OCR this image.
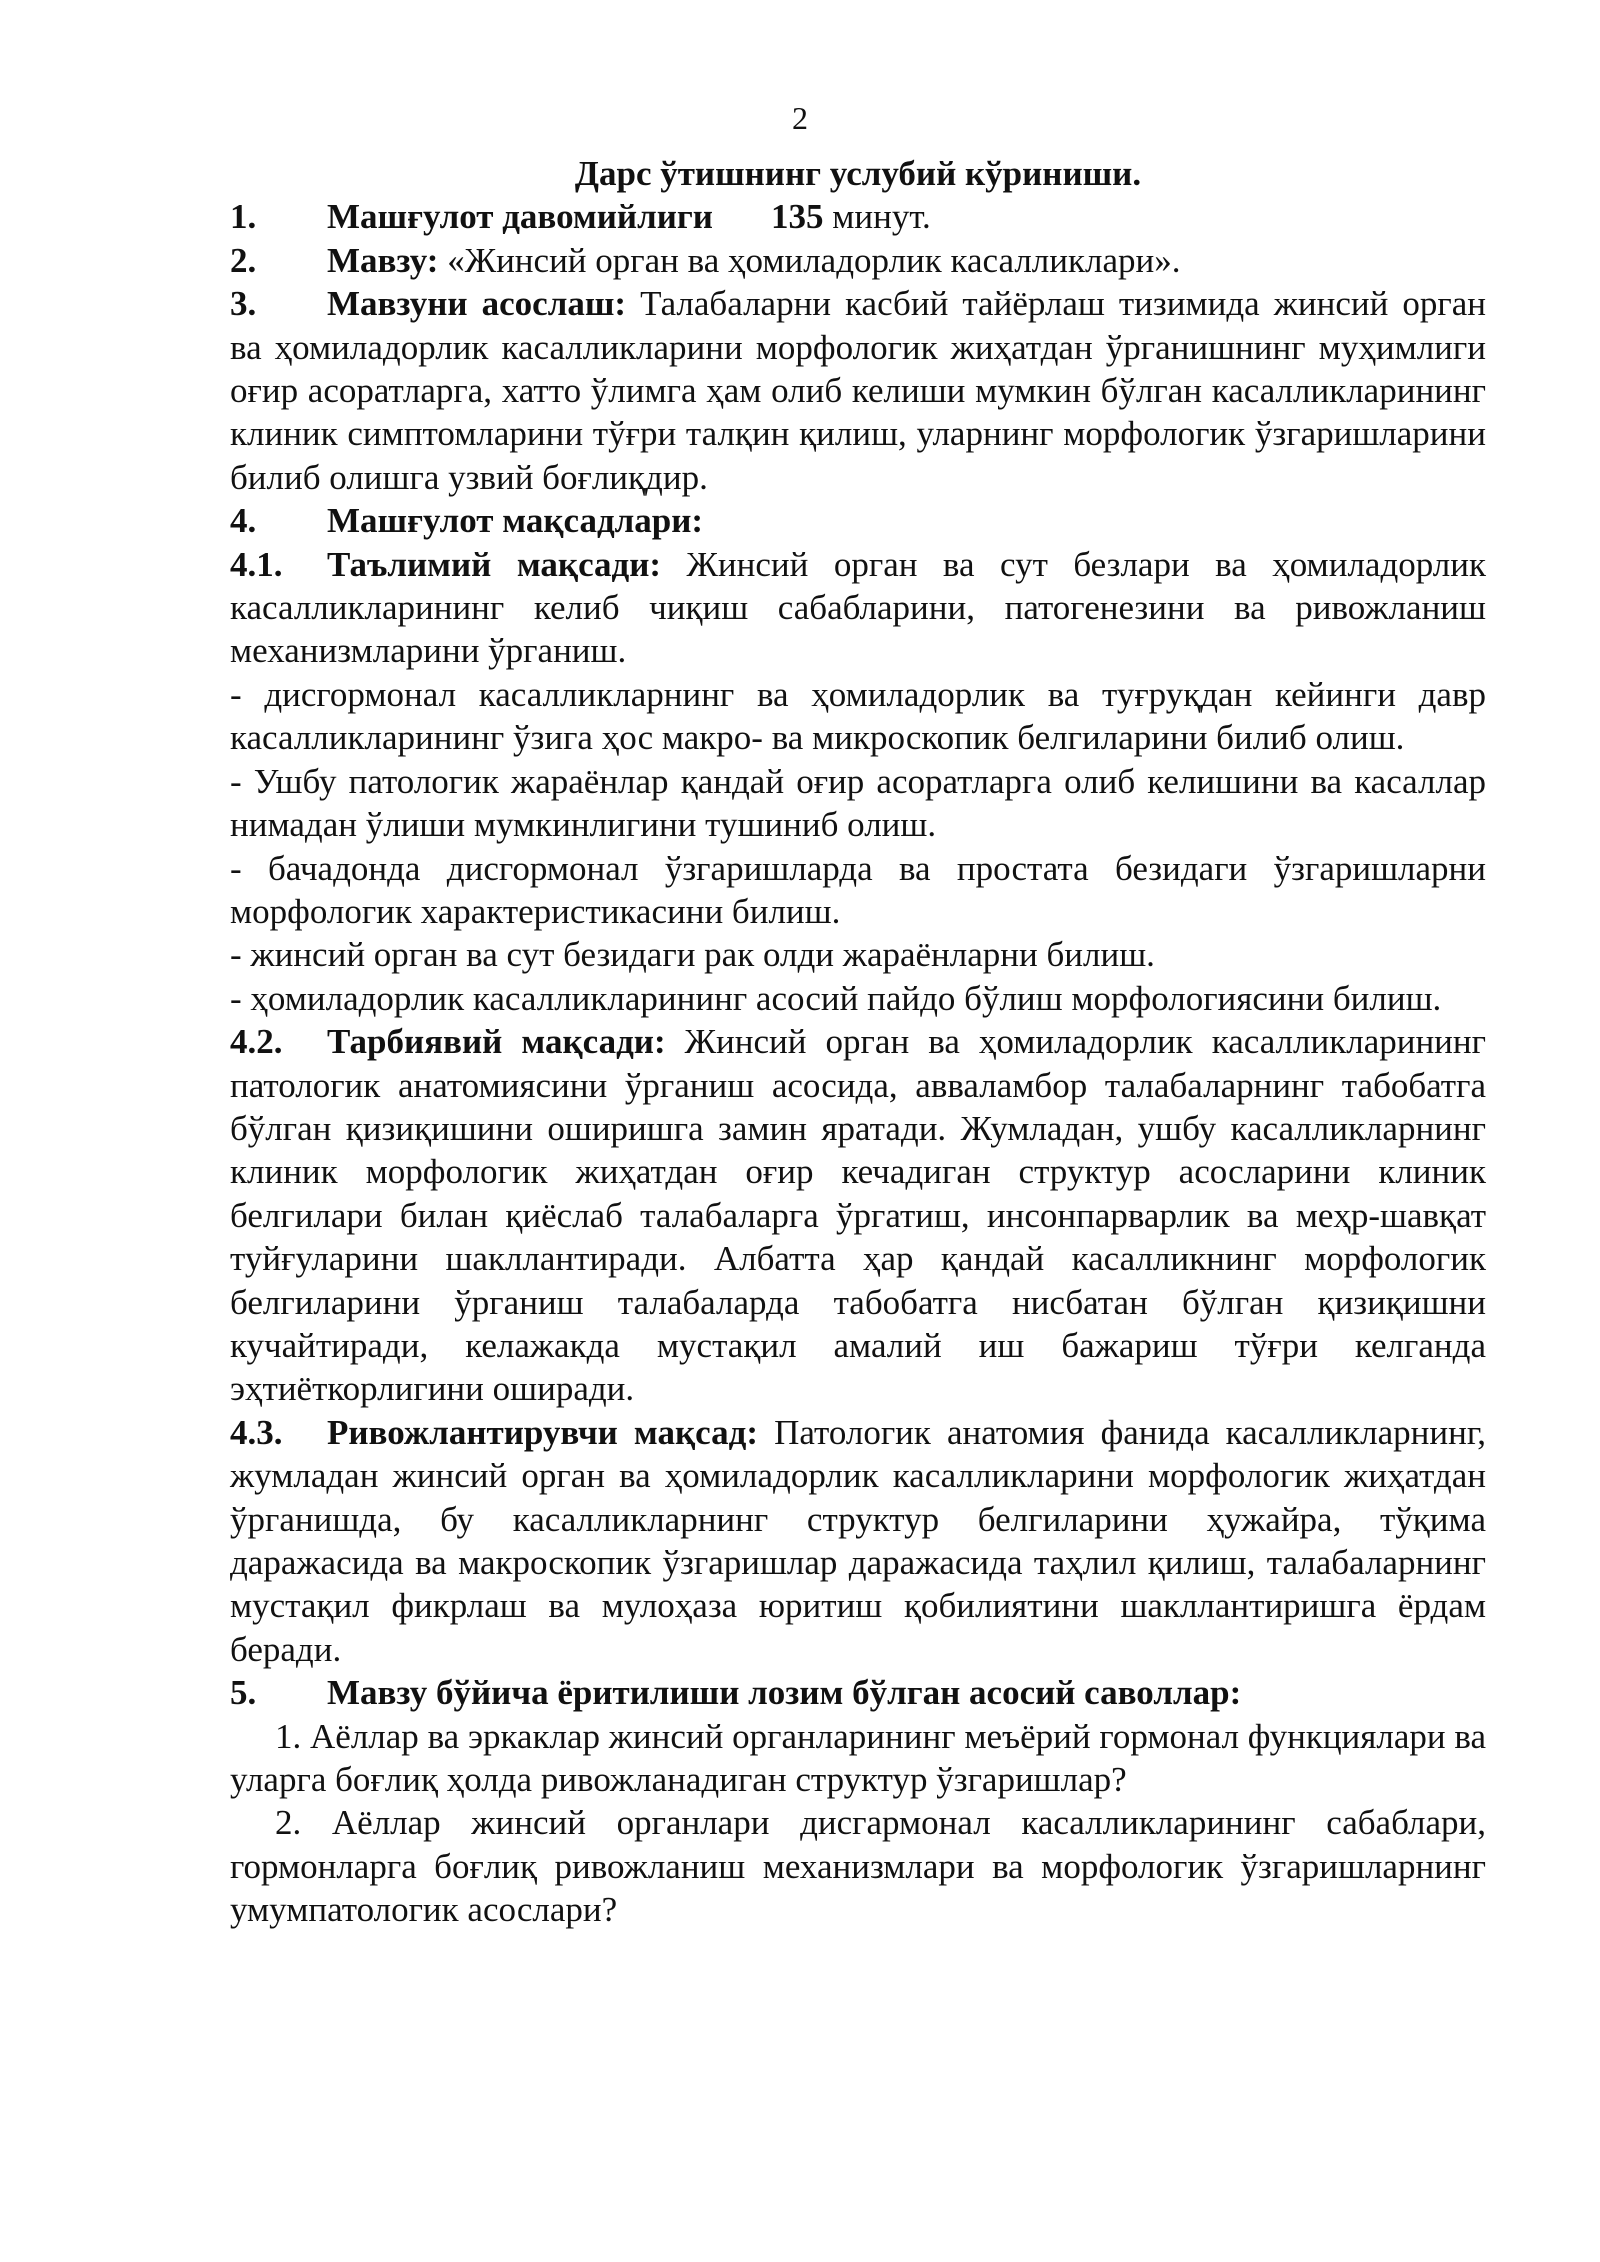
2

Дарс ўтишнинг услубий кўриниши.

1. Машғулот давомийлиги 135 минут.

2. Мавзу: «Жинсий орган ва ҳомиладорлик касалликлари».

3. Мавзуни асослаш: Талабаларни касбий тайёрлаш тизимида жинсий орган ва ҳомиладорлик касалликларини морфологик жиҳатдан ўрганишнинг муҳимлиги оғир асоратларга, хатто ўлимга ҳам олиб келиши мумкин бўлган касалликларининг клиник симптомларини тўғри талқин қилиш, уларнинг морфологик ўзгаришларини билиб олишга узвий боғлиқдир.

4. Машғулот мақсадлари:

4.1. Таълимий мақсади: Жинсий орган ва сут безлари ва ҳомиладорлик касалликларининг келиб чиқиш сабабларини, патогенезини ва ривожланиш механизмларини ўрганиш.

- дисгормонал касалликларнинг ва ҳомиладорлик ва туғруқдан кейинги давр касалликларининг ўзига ҳос макро- ва микроскопик белгиларини билиб олиш.

- Ушбу патологик жараёнлар қандай оғир асоратларга олиб келишини ва касаллар нимадан ўлиши мумкинлигини тушиниб олиш.

- бачадонда дисгормонал ўзгаришларда ва простата безидаги ўзгаришларни морфологик характеристикасини билиш.

- жинсий орган ва сут безидаги рак олди жараёнларни билиш.

- ҳомиладорлик касалликларининг асосий пайдо бўлиш морфологиясини билиш.

4.2. Тарбиявий мақсади: Жинсий орган ва ҳомиладорлик касалликларининг патологик анатомиясини ўрганиш асосида, авваламбор талабаларнинг табобатга бўлган қизиқишини оширишга замин яратади. Жумладан, ушбу касалликларнинг клиник морфологик жиҳатдан оғир кечадиган структур асосларини клиник белгилари билан қиёслаб талабаларга ўргатиш, инсонпарварлик ва меҳр-шавқат туйғуларини шакллантиради. Албатта ҳар қандай касалликнинг морфологик белгиларини ўрганиш талабаларда табобатга нисбатан бўлган қизиқишни кучайтиради, келажакда мустақил амалий иш бажариш тўғри келганда эҳтиёткорлигини оширади.

4.3. Ривожлантирувчи мақсад: Патологик анатомия фанида касалликларнинг, жумладан жинсий орган ва ҳомиладорлик касалликларини морфологик жиҳатдан ўрганишда, бу касалликларнинг структур белгиларини ҳужайра, тўқима даражасида ва макроскопик ўзгаришлар даражасида таҳлил қилиш, талабаларнинг мустақил фикрлаш ва мулоҳаза юритиш қобилиятини шакллантиришга ёрдам беради.

5. Мавзу бўйича ёритилиши лозим бўлган асосий саволлар:

1. Аёллар ва эркаклар жинсий органларининг меъёрий гормонал функциялари ва уларга боғлиқ ҳолда ривожланадиган структур ўзгаришлар?

2. Аёллар жинсий органлари дисгармонал касалликларининг сабаблари, гормонларга боғлиқ ривожланиш механизмлари ва морфологик ўзгаришларнинг умумпатологик асослари?
